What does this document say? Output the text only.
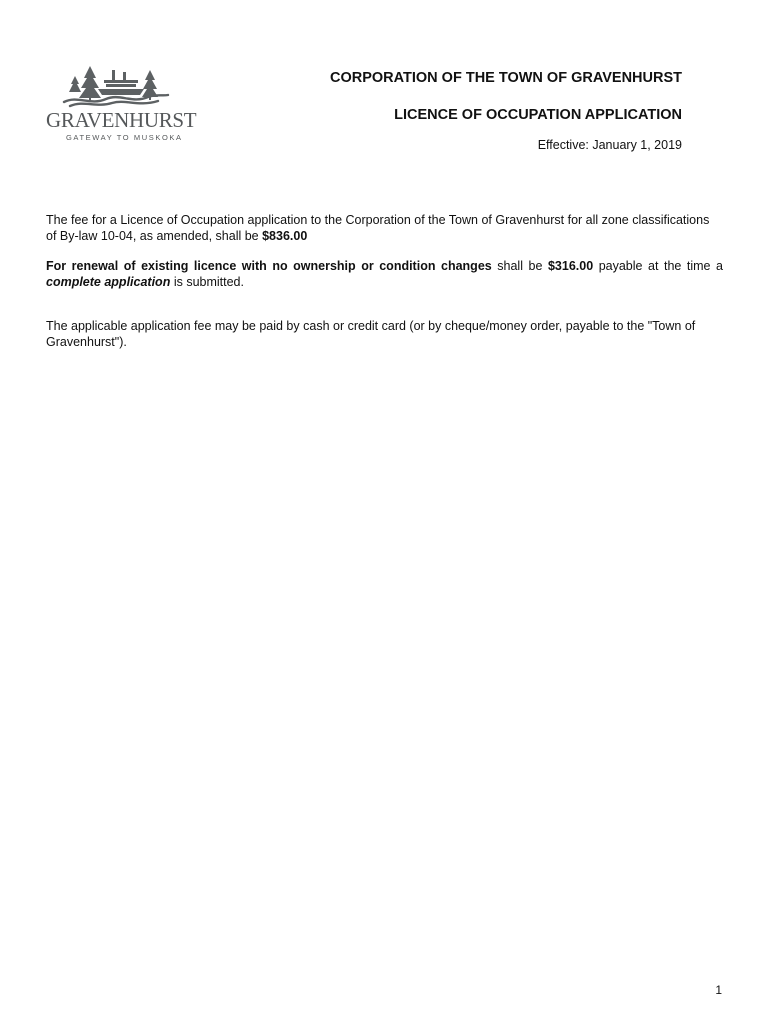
GRAVENHURST
GATEWAY TO MUSKOKA
CORPORATION OF THE TOWN OF GRAVENHURST
LICENCE OF OCCUPATION APPLICATION
Effective: January 1, 2019

The fee for a Licence of Occupation application to the Corporation of the Town of Gravenhurst for all zone classifications of By-law 10-04, as amended, shall be $836.00

For renewal of existing licence with no ownership or condition changes shall be $316.00 payable at the time a complete application is submitted.

The applicable application fee may be paid by cash or credit card (or by cheque/money order, payable to the "Town of Gravenhurst").

1
